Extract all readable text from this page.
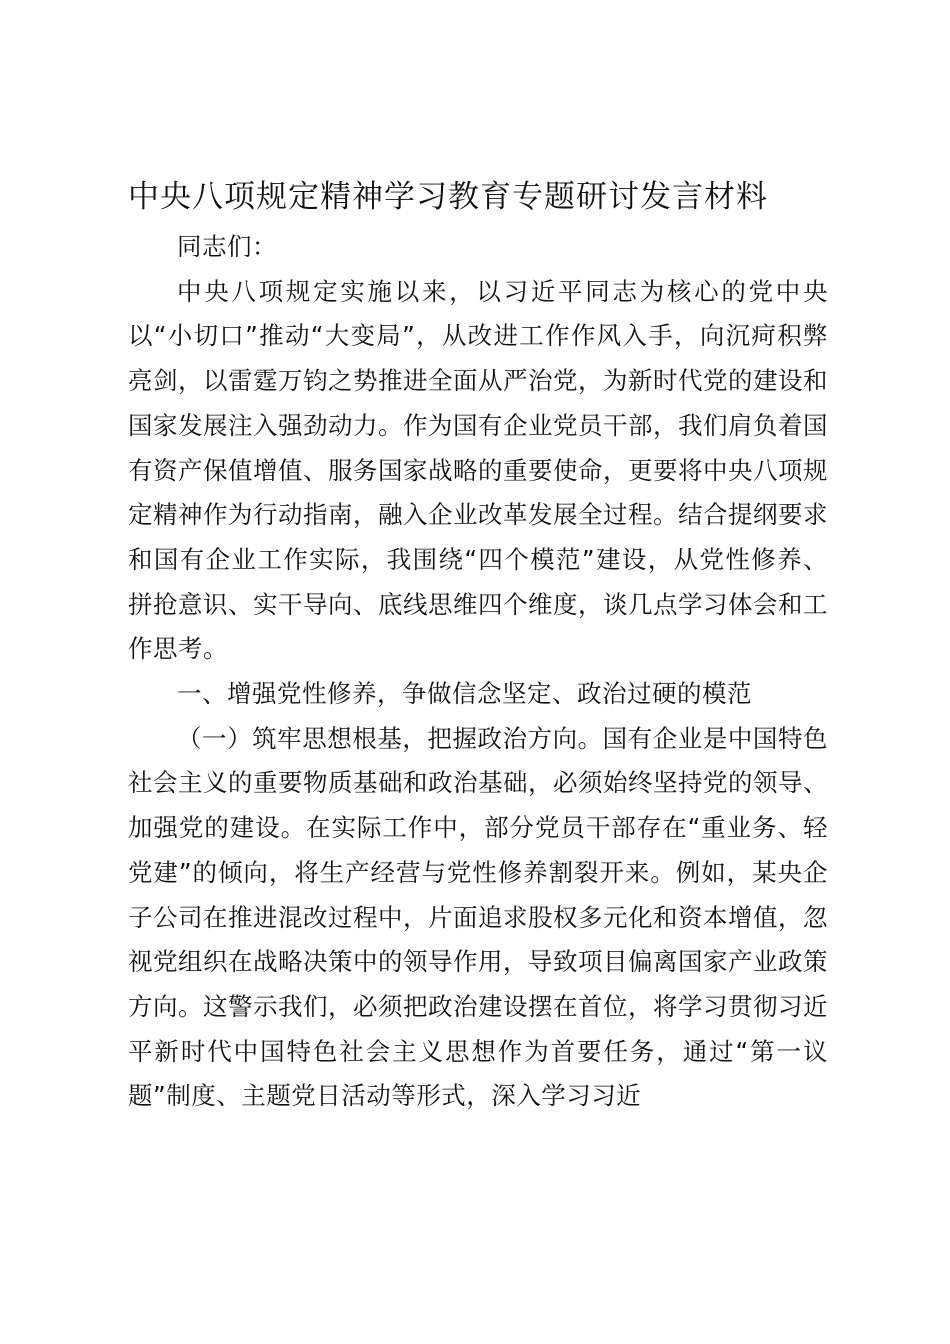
中央八项规定精神学习教育专题研讨发言材料

同志们：

中央八项规定实施以来，以习近平同志为核心的党中央以“小切口”推动“大变局”，从改进工作作风入手，向沉疴积弊亮剑，以雷霆万钧之势推进全面从严治党，为新时代党的建设和国家发展注入强劲动力。作为国有企业党员干部，我们肩负着国有资产保值增值、服务国家战略的重要使命，更要将中央八项规定精神作为行动指南，融入企业改革发展全过程。结合提纲要求和国有企业工作实际，我围绕“四个模范”建设，从党性修养、拼抢意识、实干导向、底线思维四个维度，谈几点学习体会和工作思考。

一、增强党性修养，争做信念坚定、政治过硬的模范

（一）筑牢思想根基，把握政治方向。国有企业是中国特色社会主义的重要物质基础和政治基础，必须始终坚持党的领导、加强党的建设。在实际工作中，部分党员干部存在“重业务、轻党建”的倾向，将生产经营与党性修养割裂开来。例如，某央企子公司在推进混改过程中，片面追求股权多元化和资本增值，忽视党组织在战略决策中的领导作用，导致项目偏离国家产业政策方向。这警示我们，必须把政治建设摆在首位，将学习贯彻习近平新时代中国特色社会主义思想作为首要任务，通过“第一议题”制度、主题党日活动等形式，深入学习习近
